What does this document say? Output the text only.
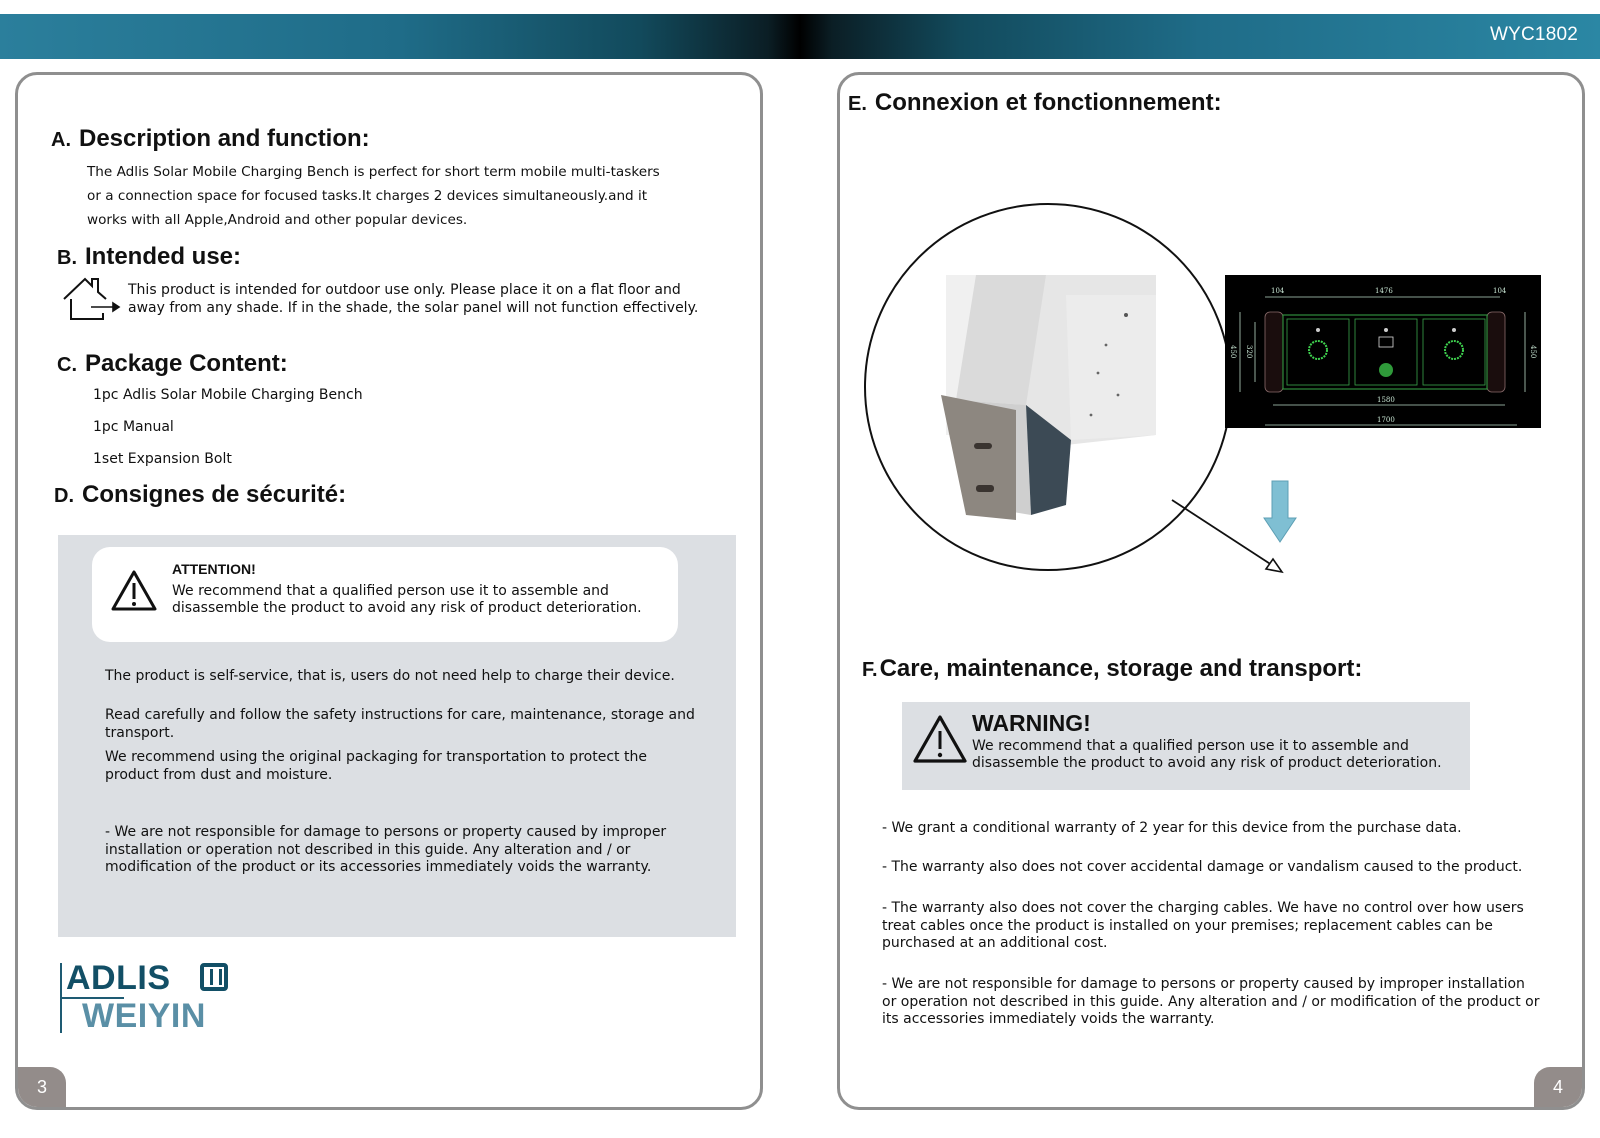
WYC1802
A. Description and function:
The Adlis Solar Mobile Charging Bench is perfect for short term mobile multi-taskers or a connection space for focused tasks.It charges 2 devices simultaneously.and it works with all Apple,Android and other popular devices.
B. Intended use:
This product is intended for outdoor use only. Please place it on a flat floor and away from any shade. If in the shade, the solar panel will not function effectively.
C. Package Content:
1pc Adlis Solar Mobile Charging Bench
1pc Manual
1set Expansion Bolt
D. Consignes de sécurité:
ATTENTION!
We recommend that a qualified person use it to assemble and disassemble the product to avoid any risk of product deterioration.
The product is self-service, that is, users do not need help to charge their device.
Read carefully and follow the safety instructions for care, maintenance, storage and transport.
We recommend using the original packaging for transportation to protect the product from dust and moisture.
- We are not responsible for damage to persons or property caused by improper installation or operation not described in this guide. Any alteration and / or modification of the product or its accessories immediately voids the warranty.
ADLIS
WEIYIN
3
E. Connexion et fonctionnement:
104	1476	104
450 320	450
1580
1700
F.Care, maintenance, storage and transport:
WARNING!
We recommend that a qualified person use it to assemble and disassemble the product to avoid any risk of product deterioration.
- We grant a conditional warranty of 2 year for this device from the purchase data.
- The warranty also does not cover accidental damage or vandalism caused to the product.
- The warranty also does not cover the charging cables. We have no control over how users treat cables once the product is installed on your premises; replacement cables can be purchased at an additional cost.
- We are not responsible for damage to persons or property caused by improper installation or operation not described in this guide. Any alteration and / or modification of the product or its accessories immediately voids the warranty.
4
